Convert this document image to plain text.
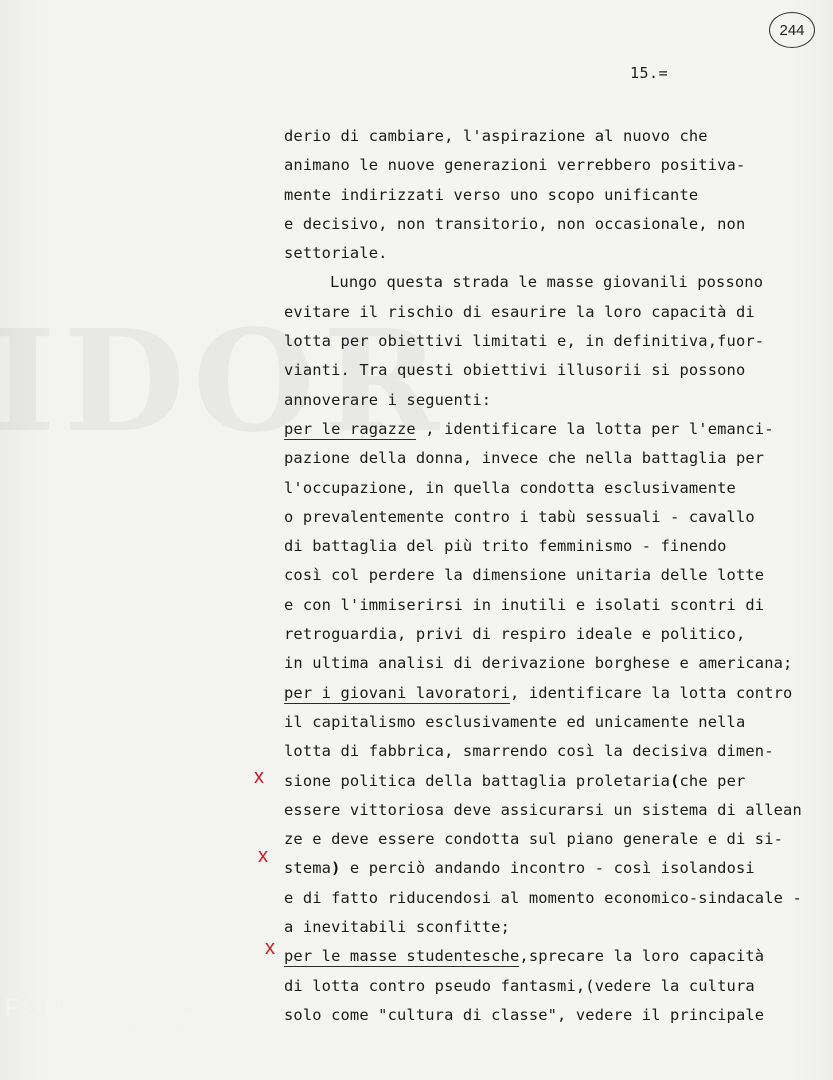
FONDAZIONE
GRAMSCI
244
15.=
x
x
x
derio di cambiare, l'aspirazione al nuovo che
animano le nuove generazioni verrebbero positiva-
mente indirizzati verso uno scopo unificante
e decisivo, non transitorio, non occasionale, non
settoriale.
Lungo questa strada le masse giovanili possono
evitare il rischio di esaurire la loro capacità di
lotta per obiettivi limitati e, in definitiva,fuor-
vianti. Tra questi obiettivi illusorii si possono
annoverare i seguenti:
per le ragazze , identificare la lotta per l'emanci-
pazione della donna, invece che nella battaglia per
l'occupazione, in quella condotta esclusivamente
o prevalentemente contro i tabù sessuali - cavallo
di battaglia del più trito femminismo - finendo
così col perdere la dimensione unitaria delle lotte
e con l'immiserirsi in inutili e isolati scontri di
retroguardia, privi di respiro ideale e politico,
in ultima analisi di derivazione borghese e americana;
per i giovani lavoratori, identificare la lotta contro
il capitalismo esclusivamente ed unicamente nella
lotta di fabbrica, smarrendo così la decisiva dimen-
sione politica della battaglia proletaria(che per
essere vittoriosa deve assicurarsi un sistema di allean
ze e deve essere condotta sul piano generale e di si-
stema) e perciò andando incontro - così isolandosi
e di fatto riducendosi al momento economico-sindacale -
a inevitabili sconfitte;
per le masse studentesche,sprecare la loro capacità
di lotta contro pseudo fantasmi,(vedere la cultura
solo come "cultura di classe", vedere il principale
